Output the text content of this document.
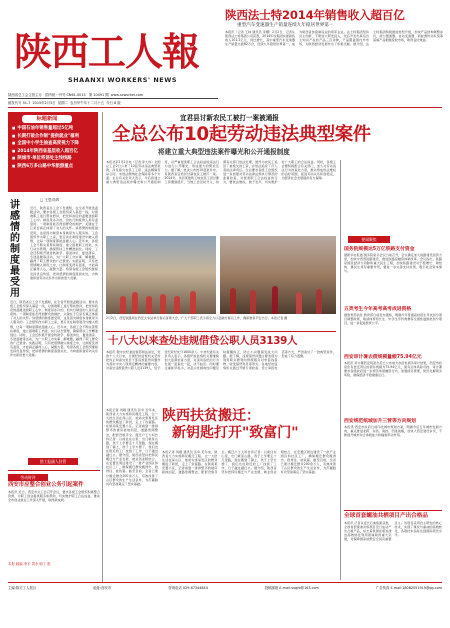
陕西工人報
SHAANXI WORKERS' NEWS
陕西省总工会主管主办 国内统一刊号 CN61-0015 第 10491 期 www.sxworker.com
邮发代号 51-7 2015年2月3日 星期二 农历甲午年十二月十五 今日 8 版
陕西法士特2014年销售收入超百亿
重型汽车变速器生产销量连续九年稳居世界第一
本报讯（记者 王林 通讯员 李娜）2月2日，记者从陕西法士特集团公司获悉，2014年该集团实现销售收入101.2亿元，同比增长，其中重型汽车变速器生产销量达到82万台，连续九年稳居世界第一，成为陕西省装备制造业的领军企业。法士特集团坚持自主创新，不断加大研发投入，先后开发出具有自主知识产权的产品三百余种，产品覆盖国内外市场，为陕西经济发展作出了积极贡献。据介绍，法士特集团积极推进转型升级，加快产品结构调整步伐，液力缓速器、自动变速器、新能源传动系统等高端产品相继投放市场，取得良好效益。
标题新闻
■ 中国石油年销售量超过5亿吨
■ 长期打破合作制"提供就业"福利
■ 全国中小学生抽查高度视力下降
■ 2014年陕西省基层收入超百亿
■ 陕城市·单位将惩处主线线路
■ 陕西6万多山路中华旅游重点
讲感情的制度最受用
□ 王思对碍
近日，陕西省总工会下发通知，在全省开展送温暖活动，要求各级工会组织深入基层一线，对困难职工进行帮扶慰问，把党和政府的温暖送到职工心中。制度是冰冷的，但执行制度的人是有温度的。一项制度能否得到群众的拥护，关键在于它是否真正体现了对人的关怀。讲感情的制度最受用，这是因为制度本身就是为人服务的。工会组织作为职工之家，更应该在制度建设中融入感情，让每一项制度都能温暖人心。近年来，各级工会不断完善帮扶制度，建立困难职工档案，实行动态管理，确保帮扶工作精准到位。同时，工会还积极开展金秋助学、春送岗位、夏送清凉、冬送温暖等活动，为广大职工办实事、解难题，赢得了职工群众的广泛赞誉。实践证明，只有把感情融入制度之中，让制度变得有温度，才能真正赢得人心，凝聚力量。希望各级工会组织继续发扬优良传统，把讲感情的制度落到实处，为构建和谐劳动关系作出新的更大贡献。
近日，陕西省总工会下发通知，在全省开展送温暖活动，要求各级工会组织深入基层一线，对困难职工进行帮扶慰问，把党和政府的温暖送到职工心中。制度是冰冷的，但执行制度的人是有温度的。一项制度能否得到群众的拥护，关键在于它是否真正体现了对人的关怀。讲感情的制度最受用，这是因为制度本身就是为人服务的。工会组织作为职工之家，更应该在制度建设中融入感情，让每一项制度都能温暖人心。近年来，各级工会不断完善帮扶制度，建立困难职工档案，实行动态管理，确保帮扶工作精准到位。同时，工会还积极开展金秋助学、春送岗位、夏送清凉、冬送温暖等活动，为广大职工办实事、解难题，赢得了职工群众的广泛赞誉。实践证明，只有把感情融入制度之中，让制度变得有温度，才能真正赢得人心，凝聚力量。希望各级工会组织继续发扬优良传统，把讲感情的制度落到实处，为构建和谐劳动关系作出新的更大贡献。
图工报副人驻管
劳动时评
西安市应整合创业公务引起案件
本报讯 近日，西安市总工会召开会议，要求各级工会组织积极整合资源，为职工创业提供服务和帮助，切实维护职工合法权益，推动全市创业就业工作深入开展，取得新成效。
本报 邮编 李平 刘永 职工 报
宜君县讨新农民工被打一案被通报
全总公布10起劳动违法典型案件
将建立重大典型违法案件曝光和公开通报制度
本报北京2月2日电（记者 李大伟）全国总工会2日公布了10起劳动违法典型案例，涉及拖欠农民工工资、违法解除劳动合同、未依法缴纳社会保险等多个方面。全总有关负责人表示，今后将建立重大典型违法案件曝光和公开通报制度，对严重侵害职工合法权益的违法行为进行公开曝光，形成强大的舆论压力。据了解，此次公布的10起案件中，有陕西省宜君县讨薪农民工被打一案。2014年，该县某建筑工地农民工因讨要工资遭到殴打，当地工会及时介入，协调有关部门依法处理，最终为农民工追回了被拖欠的工资，并依法追究了打人者的法律责任。全总要求各级工会组织进一步加强对劳动法律法规执行情况的监督检查，对侵害职工合法权益的行为，要依法维权，敢于发声，切实维护好广大职工的合法权益。同时，各级工会要积极配合有关部门，加大对劳动违法行为的查处力度，推动形成依法维权的良好氛围，促进劳动关系和谐稳定，为经济社会发展提供有力保障。
2月2日，西安铁路局在西安火车站举行春运誓师大会，广大干部职工表示将全力以赴做好春运工作，确保旅客平安出行。本报记者 摄
十八大以来查处违规借贷公职人员3139人
本报讯 据中央纪委监察部网站消息，党的十八大以来，全国纪检监察机关坚持把纠正和查处党员干部违规借贷问题作为落实中央八项规定精神的重要内容，共查处违规借贷公职人员3139人，给予党纪政纪处分1800余人。中央纪委有关负责人表示，各级纪检监察机关要继续加大监督检查力度，对顶风违纪的行为发现一起查处一起，决不姑息。同时要注重抓早抓小，对苗头性倾向性问题及时提醒纠正，防止小问题演变成大问题。据了解，违规借贷问题主要表现为利用职务便利向管理服务对象借钱借物、收受借贷利息等形式。各地纪检监察机关通过开展专项检查、设立举报电话等方式，严肃查处了一批典型案件，形成了有力震慑。
陕西扶贫搬迁：
新钥匙打开"致富门"
本报记者 刘刚 通讯员 张华 近年来，陕西省大力实施移民搬迁工程，让一大批生活在深山区、地质灾害易发区的群众搬进了新居，走上了致富路。在陕南某安置小区，记者看到一排排整齐的楼房拔地而起，道路宽阔整洁，配套设施齐全。搬迁户王大妈告诉记者：以前住在山里，出门就是山路，孩子上学要走十几里路，现在搬到了镇上，孩子上学方便了，我们也在附近的工厂找到了工作，日子越过越红火。据介绍，陕西省坚持把移民搬迁与产业发展、就业创业相结合，在安置区周边建设了一批产业园区和社区工厂，确保搬迁群众搬得出、稳得住、能致富。截至目前，全省已累计搬迁群众200余万人，有效改善了山区群众的生产生活条件，为打赢脱贫攻坚战奠定了坚实基础。
本报记者 刘刚 通讯员 张华 近年来，陕西省大力实施移民搬迁工程，让一大批生活在深山区、地质灾害易发区的群众搬进了新居，走上了致富路。在陕南某安置小区，记者看到一排排整齐的楼房拔地而起，道路宽阔整洁，配套设施齐全。搬迁户王大妈告诉记者：以前住在山里，出门就是山路，孩子上学要走十几里路，现在搬到了镇上，孩子上学方便了，我们也在附近的工厂找到了工作，日子越过越红火。据介绍，陕西省坚持把移民搬迁与产业发展、就业创业相结合，在安置区周边建设了一批产业园区和社区工厂，确保搬迁群众搬得出、稳得住、能致富。截至目前，全省已累计搬迁群众200余万人，有效改善了山区群众的生产生活条件，为打赢脱贫攻坚战奠定了坚实基础。
要闻聚焦
国务院规模达5万亿铁路支付资金
据新华社报道 国务院常务会议日前召开，会议确定加大铁路建设投资力度，加快中西部铁路建设，推进铁路投融资体制改革。会议指出，铁路是国民经济大动脉和重大民生工程，加快铁路建设对于稳增长、调结构、惠民生具有重要作用，要进一步完善支持政策，吸引社会资本参与。
五类考生今年高考高考成进资格
据教育部消息 教育部日前发布通知，明确今年普通高校招生考试加分项目调整政策，取消体育特长生、中学生学科奥赛等全国性鼓励类加分项目，进一步促进教育公平。
西安审计署去债规模量额75.94亿元
本报讯 审计署西安特派办近日公布地方政府性债务审计结果，西安市政府负有偿还责任的债务规模为75.94亿元，债务总体风险可控。审计署要求各级政府进一步规范举债融资行为，加强债务管理，防范化解债务风险，确保经济平稳健康运行。
西安规范纸城加升三营等方向规划
本报讯 西安市政府日前印发城市规划方案，明确今后五年城市发展方向，重点推进北跨、东拓、南控、西进战略，加快大西安建设步伐，不断提升城市综合承载能力和辐射带动作用。
全球首套螺油共栖项目产出合格品
本报讯 记者从延长石油集团获悉，全球首套煤油共炼项目近日成功产出合格产品，标志着我国在煤炭清洁高效转化利用领域取得重大突破，对保障国家能源安全具有重要意义。该项目采用自主研发的核心技术，实现了煤炭与重油的高效转化，各项技术指标达到国际领先水平。
主编:陈宏工人报社	地址:西安市	咨询电话 029-87344844	投稿邮箱 E-mail:sxgrb@163.com	广告传真 E-mail:18082051919@gg.com
